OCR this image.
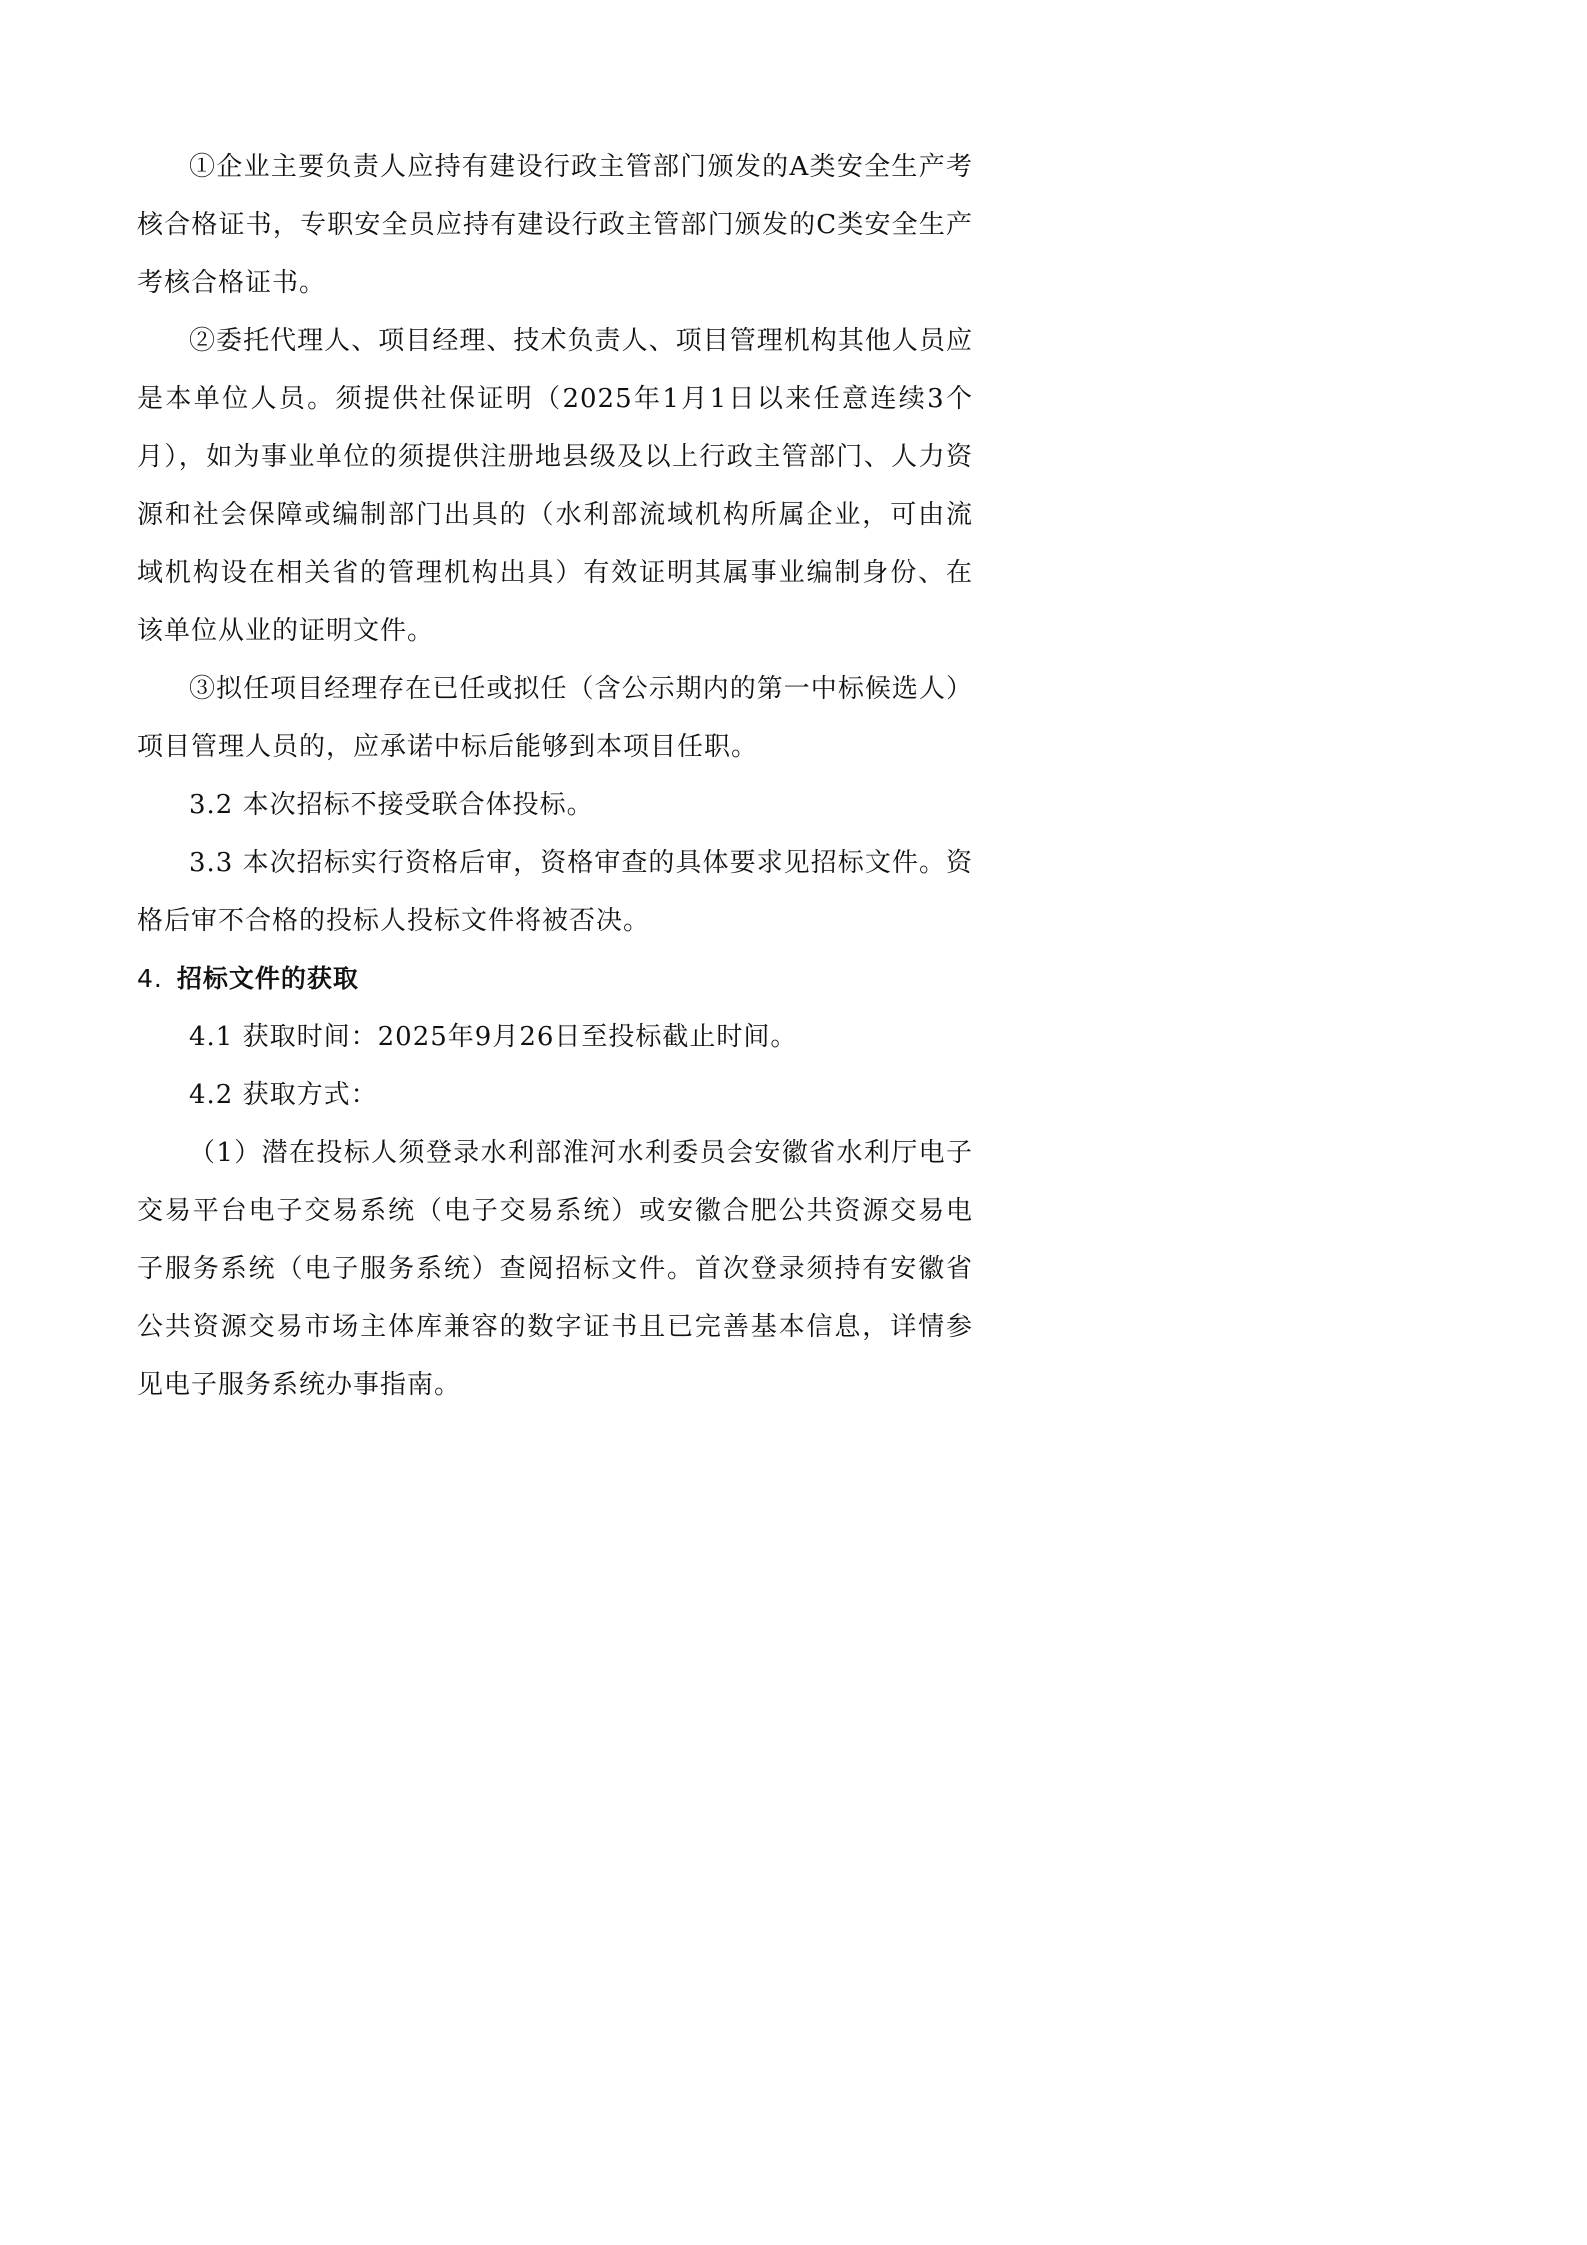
①企业主要负责人应持有建设行政主管部门颁发的A类安全生产考核合格证书，专职安全员应持有建设行政主管部门颁发的C类安全生产考核合格证书。

②委托代理人、项目经理、技术负责人、项目管理机构其他人员应是本单位人员。须提供社保证明（2025年1月1日以来任意连续3个月），如为事业单位的须提供注册地县级及以上行政主管部门、人力资源和社会保障或编制部门出具的（水利部流域机构所属企业，可由流域机构设在相关省的管理机构出具）有效证明其属事业编制身份、在该单位从业的证明文件。

③拟任项目经理存在已任或拟任（含公示期内的第一中标候选人）项目管理人员的，应承诺中标后能够到本项目任职。

3.2 本次招标不接受联合体投标。

3.3 本次招标实行资格后审，资格审查的具体要求见招标文件。资格后审不合格的投标人投标文件将被否决。

4. 招标文件的获取

4.1 获取时间：2025年9月26日至投标截止时间。

4.2 获取方式：

（1）潜在投标人须登录水利部淮河水利委员会安徽省水利厅电子交易平台电子交易系统（电子交易系统）或安徽合肥公共资源交易电子服务系统（电子服务系统）查阅招标文件。首次登录须持有安徽省公共资源交易市场主体库兼容的数字证书且已完善基本信息，详情参见电子服务系统办事指南。
